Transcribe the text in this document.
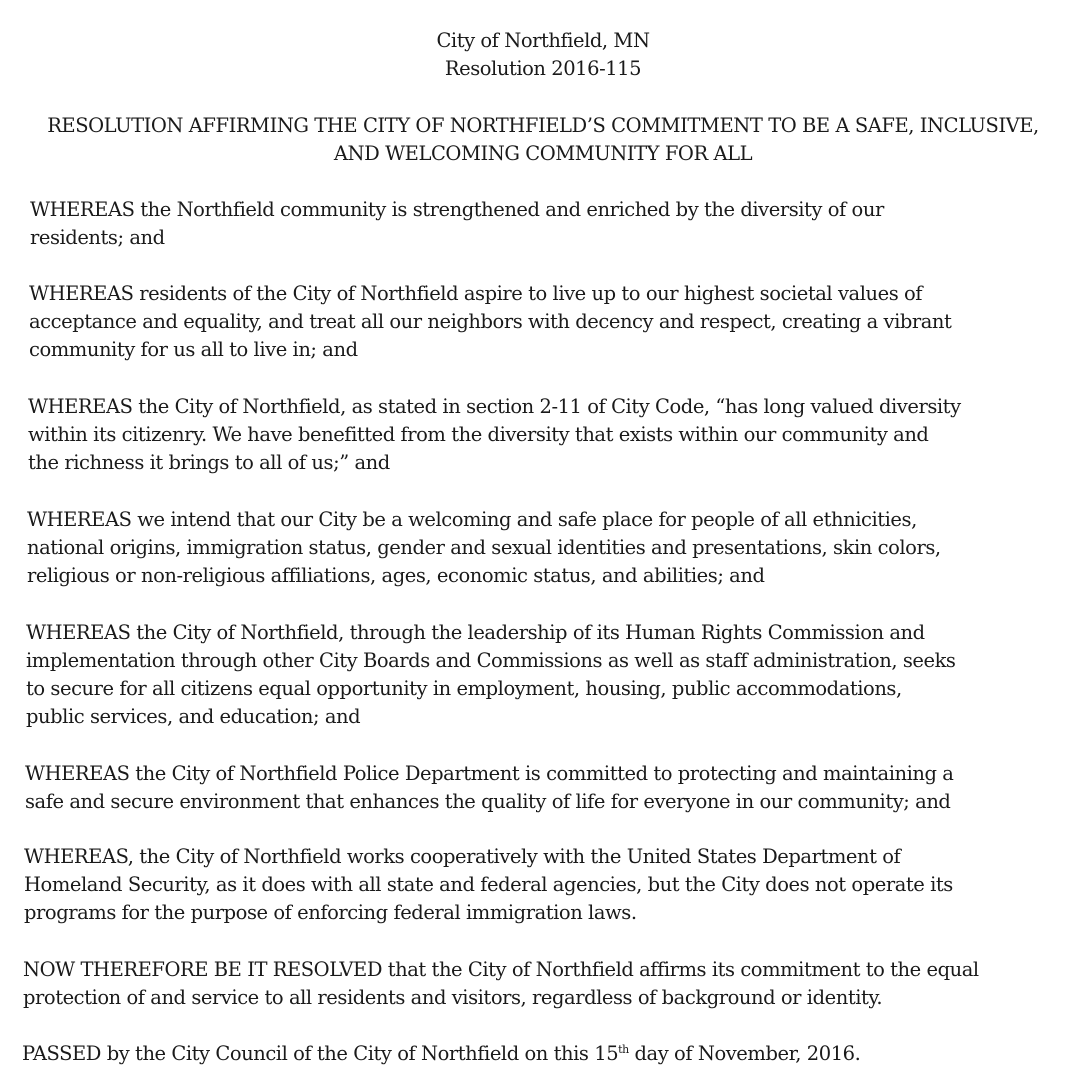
City of Northfield, MN
Resolution 2016-115
RESOLUTION AFFIRMING THE CITY OF NORTHFIELD’S COMMITMENT TO BE A SAFE, INCLUSIVE,
AND WELCOMING COMMUNITY FOR ALL
WHEREAS the Northfield community is strengthened and enriched by the diversity of our
residents; and
WHEREAS residents of the City of Northfield aspire to live up to our highest societal values of
acceptance and equality, and treat all our neighbors with decency and respect, creating a vibrant
community for us all to live in; and
WHEREAS the City of Northfield, as stated in section 2-11 of City Code, “has long valued diversity
within its citizenry. We have benefitted from the diversity that exists within our community and
the richness it brings to all of us;” and
WHEREAS we intend that our City be a welcoming and safe place for people of all ethnicities,
national origins, immigration status, gender and sexual identities and presentations, skin colors,
religious or non-religious affiliations, ages, economic status, and abilities; and
WHEREAS the City of Northfield, through the leadership of its Human Rights Commission and
implementation through other City Boards and Commissions as well as staff administration, seeks
to secure for all citizens equal opportunity in employment, housing, public accommodations,
public services, and education; and
WHEREAS the City of Northfield Police Department is committed to protecting and maintaining a
safe and secure environment that enhances the quality of life for everyone in our community; and
WHEREAS, the City of Northfield works cooperatively with the United States Department of
Homeland Security, as it does with all state and federal agencies, but the City does not operate its
programs for the purpose of enforcing federal immigration laws.
NOW THEREFORE BE IT RESOLVED that the City of Northfield affirms its commitment to the equal
protection of and service to all residents and visitors, regardless of background or identity.
PASSED by the City Council of the City of Northfield on this 15th day of November, 2016.
